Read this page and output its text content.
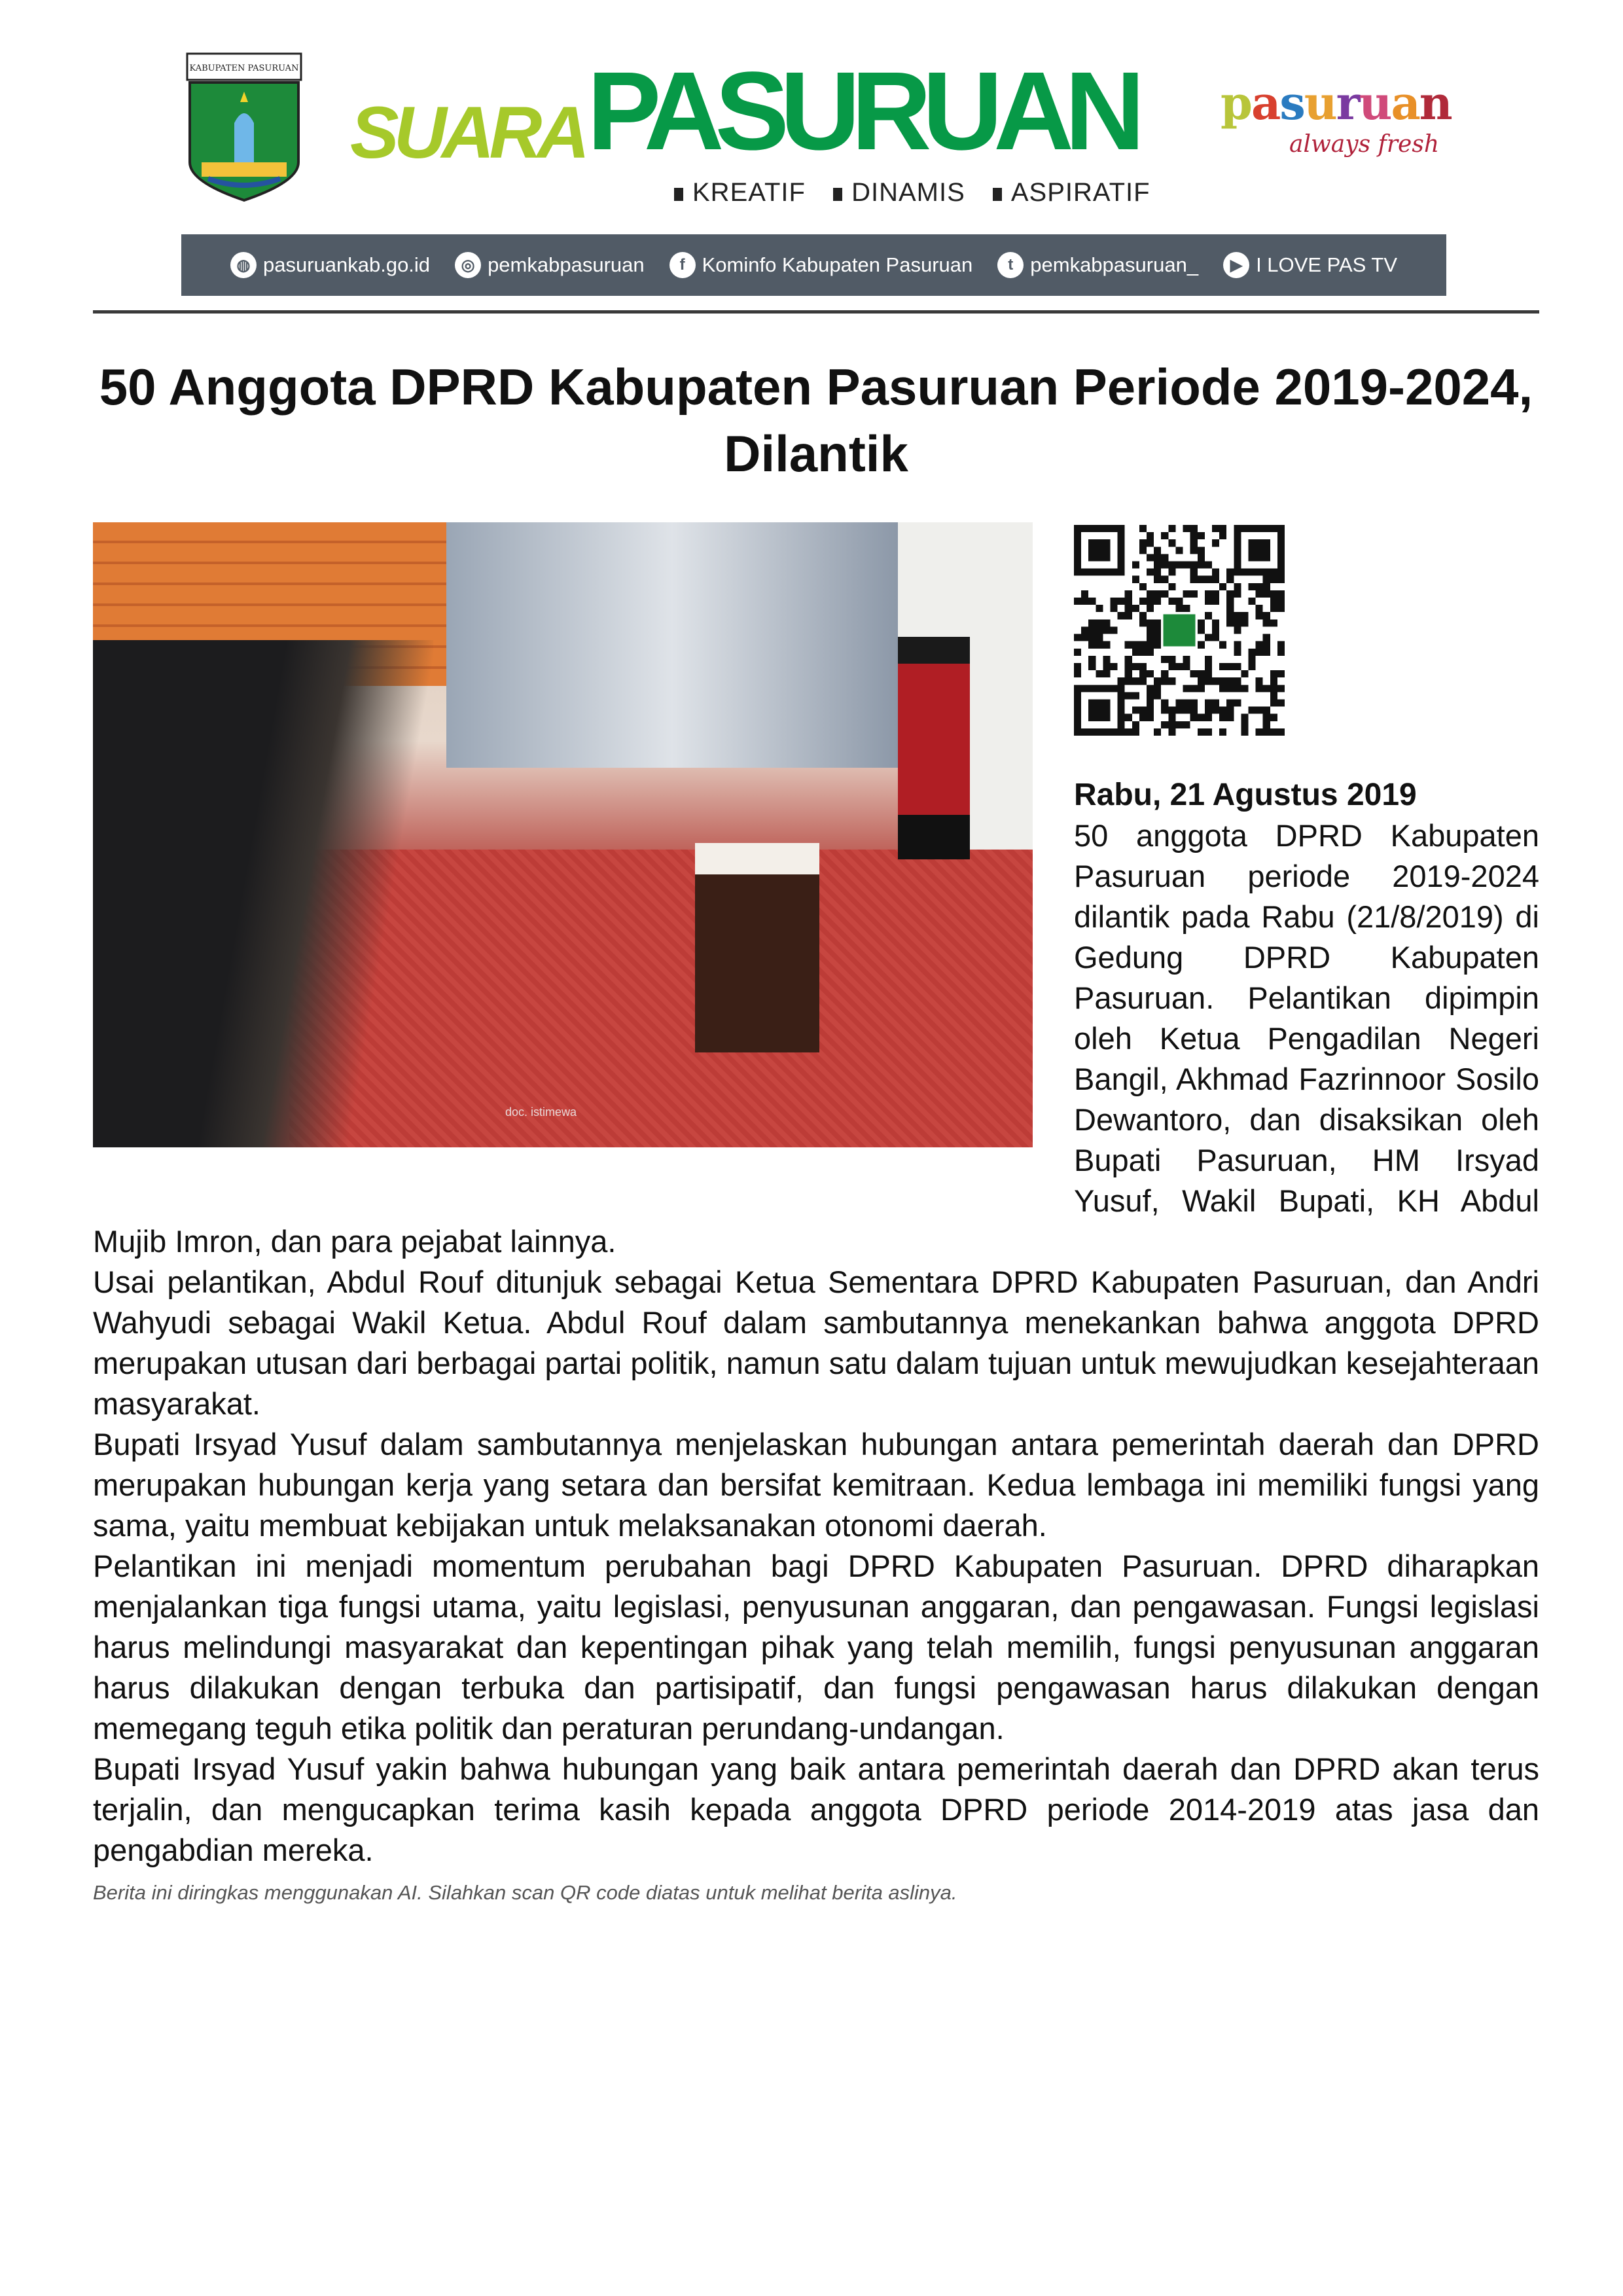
KABUPATEN PASURUAN
SUARA PASURUAN
KREATIF DINAMIS ASPIRATIF
pasuruan
always fresh
◍ pasuruankab.go.id	◎ pemkabpasuruan	f Kominfo Kabupaten Pasuruan	t pemkabpasuruan_	▶ I LOVE PAS TV
50 Anggota DPRD Kabupaten Pasuruan Periode 2019-2024, Dilantik
doc. istimewa
Rabu, 21 Agustus 2019

50 anggota DPRD Kabupaten Pasuruan periode 2019-2024 dilantik pada Rabu (21/8/2019) di Gedung DPRD Kabupaten Pasuruan. Pelantikan dipimpin oleh Ketua Pengadilan Negeri Bangil, Akhmad Fazrinnoor Sosilo Dewantoro, dan disaksikan oleh Bupati Pasuruan, HM Irsyad Yusuf, Wakil Bupati, KH Abdul Mujib Imron, dan para pejabat lainnya.

Usai pelantikan, Abdul Rouf ditunjuk sebagai Ketua Sementara DPRD Kabupaten Pasuruan, dan Andri Wahyudi sebagai Wakil Ketua. Abdul Rouf dalam sambutannya menekankan bahwa anggota DPRD merupakan utusan dari berbagai partai politik, namun satu dalam tujuan untuk mewujudkan kesejahteraan masyarakat.

Bupati Irsyad Yusuf dalam sambutannya menjelaskan hubungan antara pemerintah daerah dan DPRD merupakan hubungan kerja yang setara dan bersifat kemitraan. Kedua lembaga ini memiliki fungsi yang sama, yaitu membuat kebijakan untuk melaksanakan otonomi daerah.

Pelantikan ini menjadi momentum perubahan bagi DPRD Kabupaten Pasuruan. DPRD diharapkan menjalankan tiga fungsi utama, yaitu legislasi, penyusunan anggaran, dan pengawasan. Fungsi legislasi harus melindungi masyarakat dan kepentingan pihak yang telah memilih, fungsi penyusunan anggaran harus dilakukan dengan terbuka dan partisipatif, dan fungsi pengawasan harus dilakukan dengan memegang teguh etika politik dan peraturan perundang-undangan.

Bupati Irsyad Yusuf yakin bahwa hubungan yang baik antara pemerintah daerah dan DPRD akan terus terjalin, dan mengucapkan terima kasih kepada anggota DPRD periode 2014-2019 atas jasa dan pengabdian mereka.

Berita ini diringkas menggunakan AI. Silahkan scan QR code diatas untuk melihat berita aslinya.
